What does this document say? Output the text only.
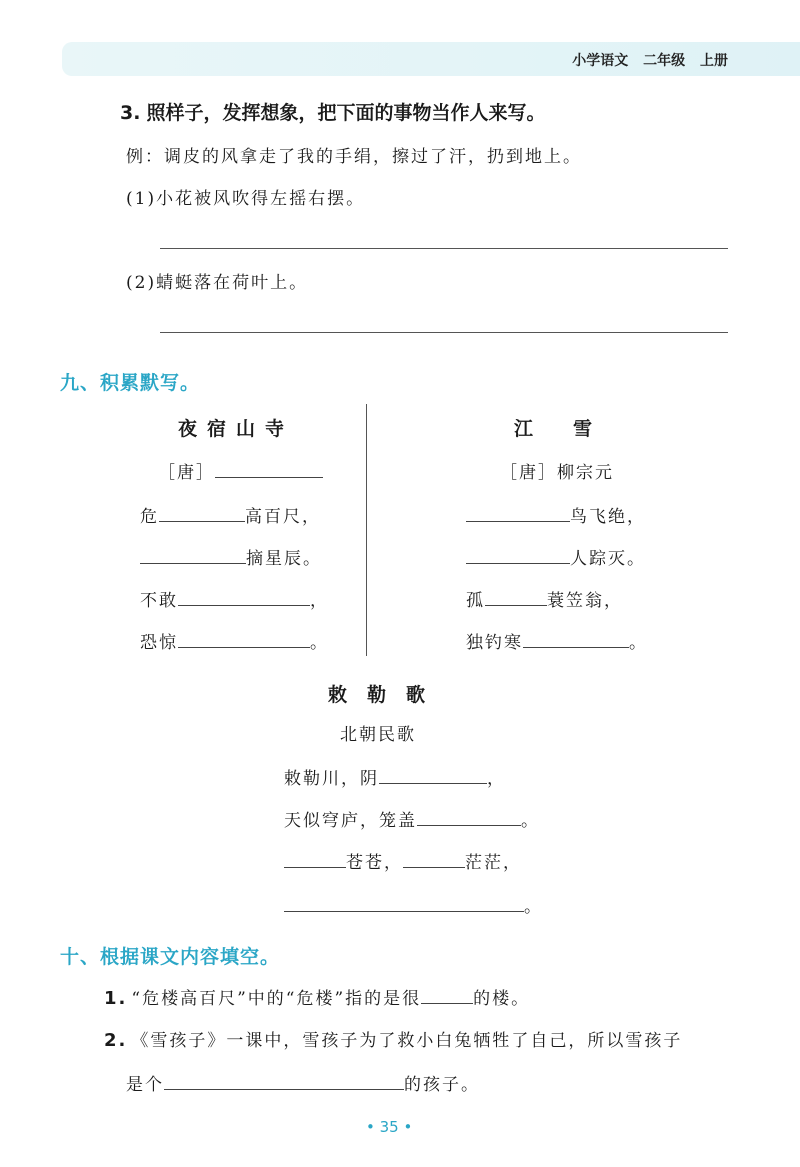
小学语文 二年级 上册
3. 照样子，发挥想象，把下面的事物当作人来写。
例：调皮的风拿走了我的手绢，擦过了汗，扔到地上。
(1)小花被风吹得左摇右摆。
(2)蜻蜓落在荷叶上。
九、积累默写。
夜宿山寺
［唐］
危	高百尺，
摘星辰。
不敢	，
恐惊	。
江雪
［唐］柳宗元
鸟飞绝，
人踪灭。
孤	蓑笠翁，
独钓寒	。
敕勒歌
北朝民歌
敕勒川，阴	，
天似穹庐，笼盖	。
苍苍，	茫茫，
。
十、根据课文内容填空。
1. “危楼高百尺”中的“危楼”指的是很	的楼。
2. 《雪孩子》一课中，雪孩子为了救小白兔牺牲了自己，所以雪孩子
是个	的孩子。
• 35 •
